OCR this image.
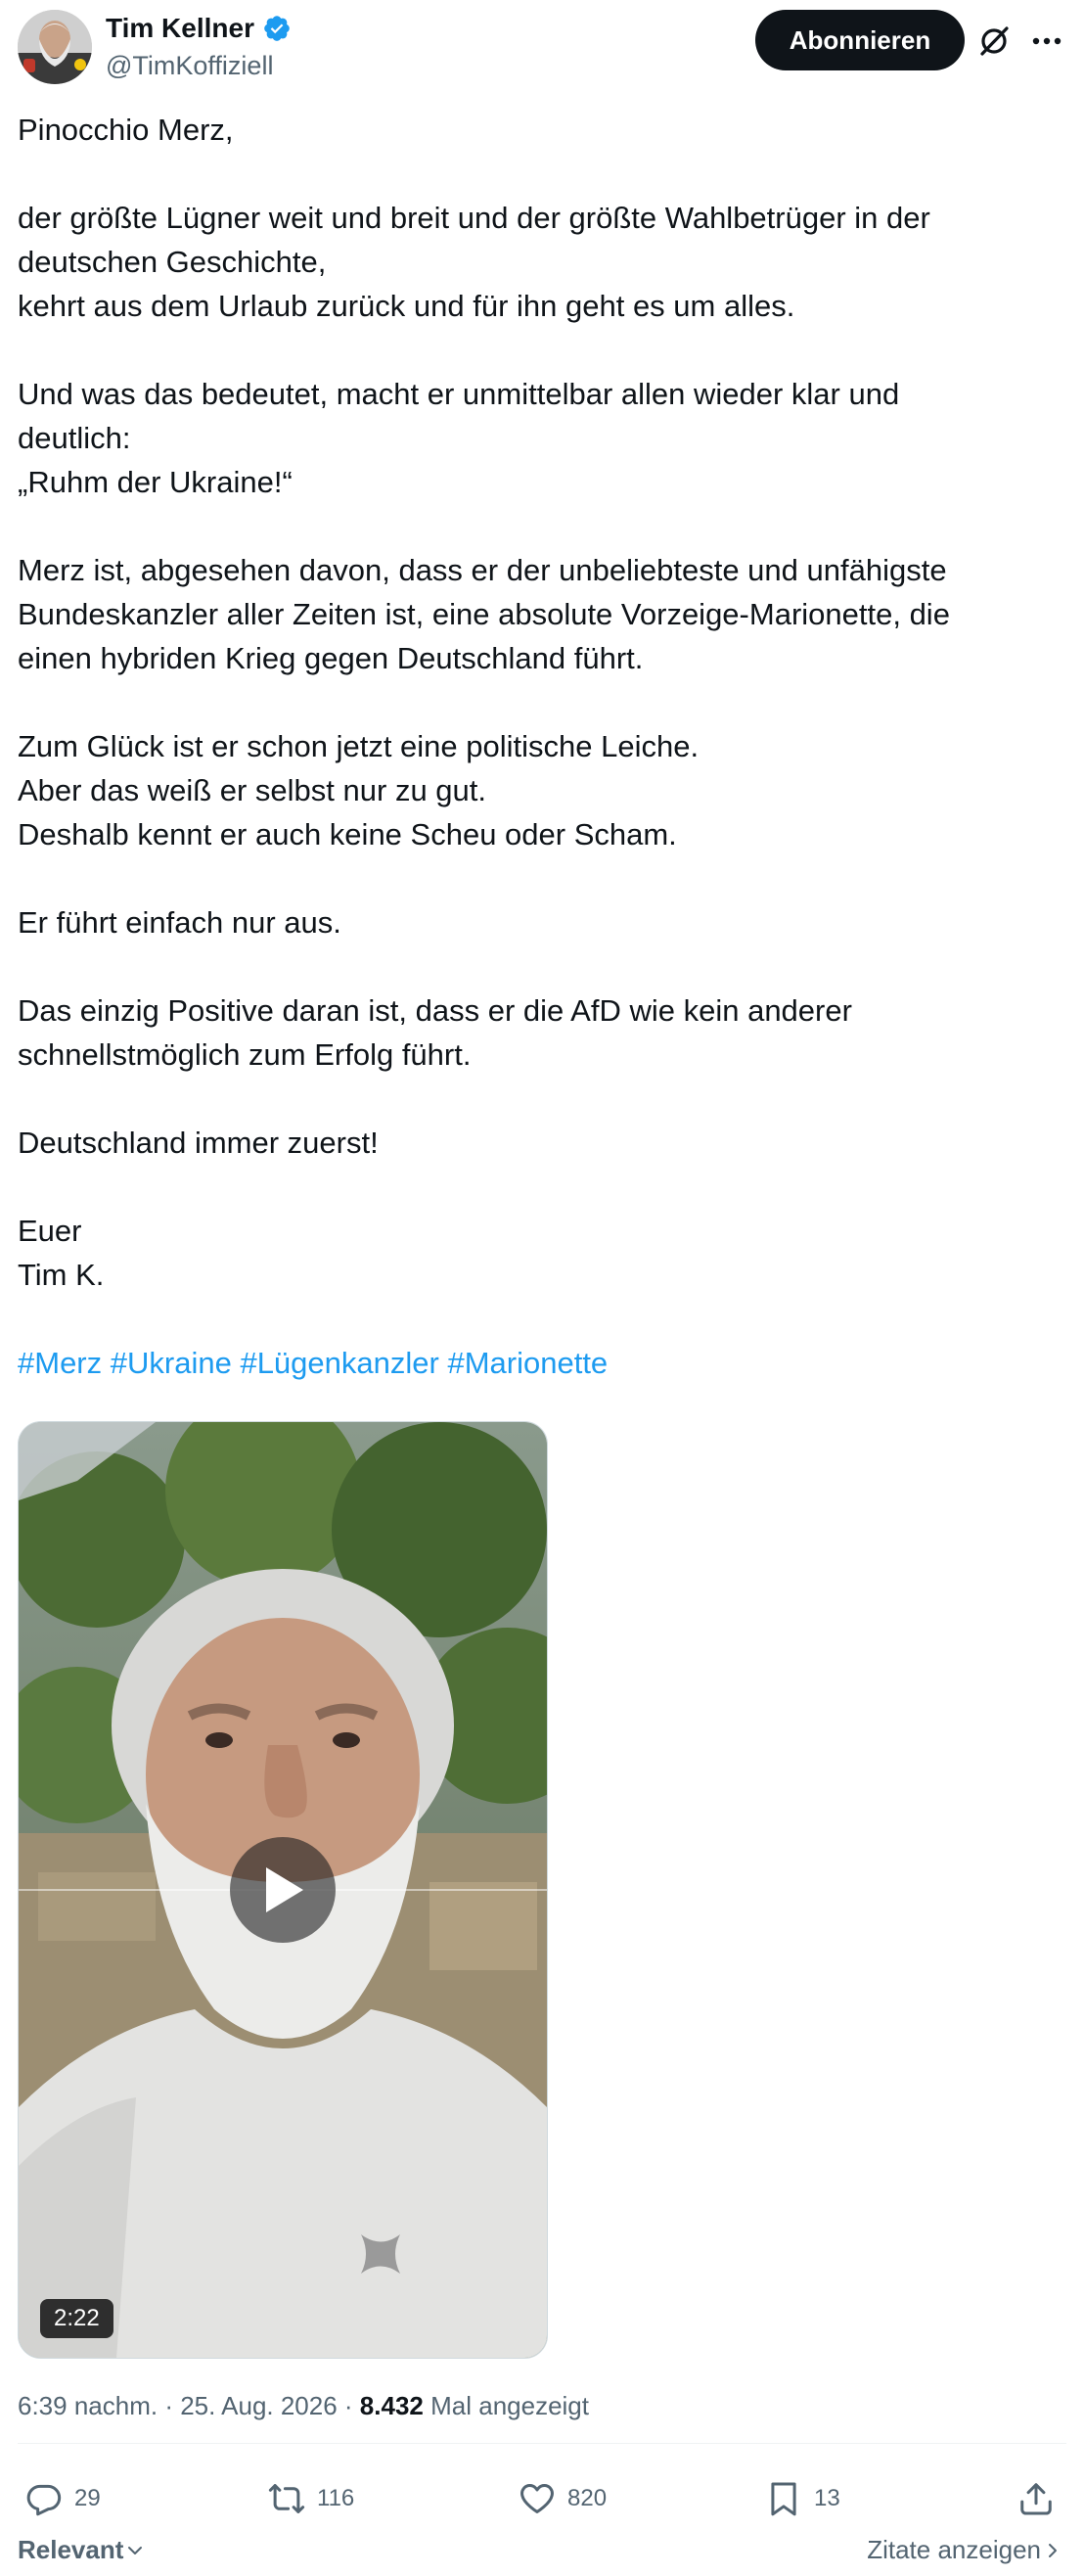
Tim Kellner
@TimKoffiziell
Abonnieren

Pinocchio Merz,

der größte Lügner weit und breit und der größte Wahlbetrüger in der

deutschen Geschichte,

kehrt aus dem Urlaub zurück und für ihn geht es um alles.

Und was das bedeutet, macht er unmittelbar allen wieder klar und

deutlich:

„Ruhm der Ukraine!“

Merz ist, abgesehen davon, dass er der unbeliebteste und unfähigste

Bundeskanzler aller Zeiten ist, eine absolute Vorzeige-Marionette, die

einen hybriden Krieg gegen Deutschland führt.

Zum Glück ist er schon jetzt eine politische Leiche.

Aber das weiß er selbst nur zu gut.

Deshalb kennt er auch keine Scheu oder Scham.

Er führt einfach nur aus.

Das einzig Positive daran ist, dass er die AfD wie kein anderer

schnellstmöglich zum Erfolg führt.

Deutschland immer zuerst!

Euer

Tim K.

#Merz #Ukraine #Lügenkanzler #Marionette

2:22
6:39 nachm. · 25. Aug. 2026 · 8.432 Mal angezeigt
29	116	820	13
Relevant	Zitate anzeigen
